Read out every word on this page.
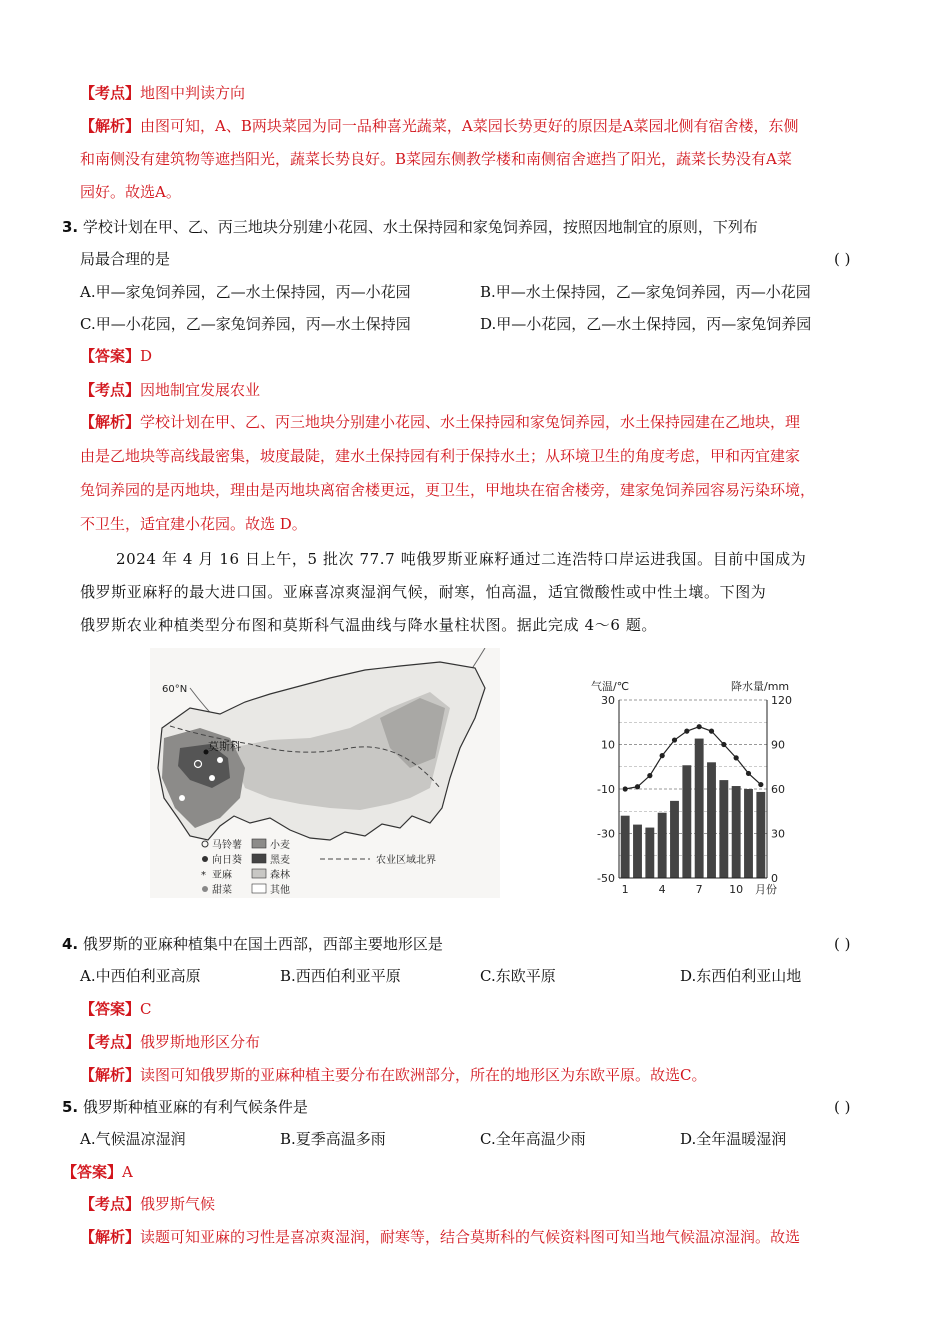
【考点】地图中判读方向
【解析】由图可知，A、B两块菜园为同一品种喜光蔬菜，A菜园长势更好的原因是A菜园北侧有宿舍楼，东侧
和南侧没有建筑物等遮挡阳光，蔬菜长势良好。B菜园东侧教学楼和南侧宿舍遮挡了阳光，蔬菜长势没有A菜
园好。故选A。
3. 学校计划在甲、乙、丙三地块分别建小花园、水土保持园和家兔饲养园，按照因地制宜的原则，下列布
局最合理的是	( )
A.甲—家兔饲养园，乙—水土保持园，丙—小花园	B.甲—水土保持园，乙—家兔饲养园，丙—小花园
C.甲—小花园，乙—家兔饲养园，丙—水土保持园	D.甲—小花园，乙—水土保持园，丙—家兔饲养园
【答案】D
【考点】因地制宜发展农业
【解析】学校计划在甲、乙、丙三地块分别建小花园、水土保持园和家兔饲养园，水土保持园建在乙地块，理
由是乙地块等高线最密集，坡度最陡，建水土保持园有利于保持水土；从环境卫生的角度考虑，甲和丙宜建家
兔饲养园的是丙地块，理由是丙地块离宿舍楼更远，更卫生，甲地块在宿舍楼旁，建家兔饲养园容易污染环境，
不卫生，适宜建小花园。故选 D。
2024 年 4 月 16 日上午，5 批次 77.7 吨俄罗斯亚麻籽通过二连浩特口岸运进我国。目前中国成为
俄罗斯亚麻籽的最大进口国。亚麻喜凉爽湿润气候，耐寒，怕高温，适宜微酸性或中性土壤。下图为
俄罗斯农业种植类型分布图和莫斯科气温曲线与降水量柱状图。据此完成 4～6 题。
60°N
莫斯科
马铃薯
向日葵
* 亚麻
甜菜
小麦
黑麦
森林
其他
农业区域北界
气温/℃	降水量/mm
30	120
10	90
-10	60
-30	30
-50	0
1	4	7 10 月份
4. 俄罗斯的亚麻种植集中在国土西部，西部主要地形区是	( )
A.中西伯利亚高原	B.西西伯利亚平原	C.东欧平原	D.东西伯利亚山地
【答案】C
【考点】俄罗斯地形区分布
【解析】读图可知俄罗斯的亚麻种植主要分布在欧洲部分，所在的地形区为东欧平原。故选C。
5. 俄罗斯种植亚麻的有利气候条件是	( )
A.气候温凉湿润	B.夏季高温多雨	C.全年高温少雨	D.全年温暖湿润
【答案】A
【考点】俄罗斯气候
【解析】读题可知亚麻的习性是喜凉爽湿润，耐寒等，结合莫斯科的气候资料图可知当地气候温凉湿润。故选
